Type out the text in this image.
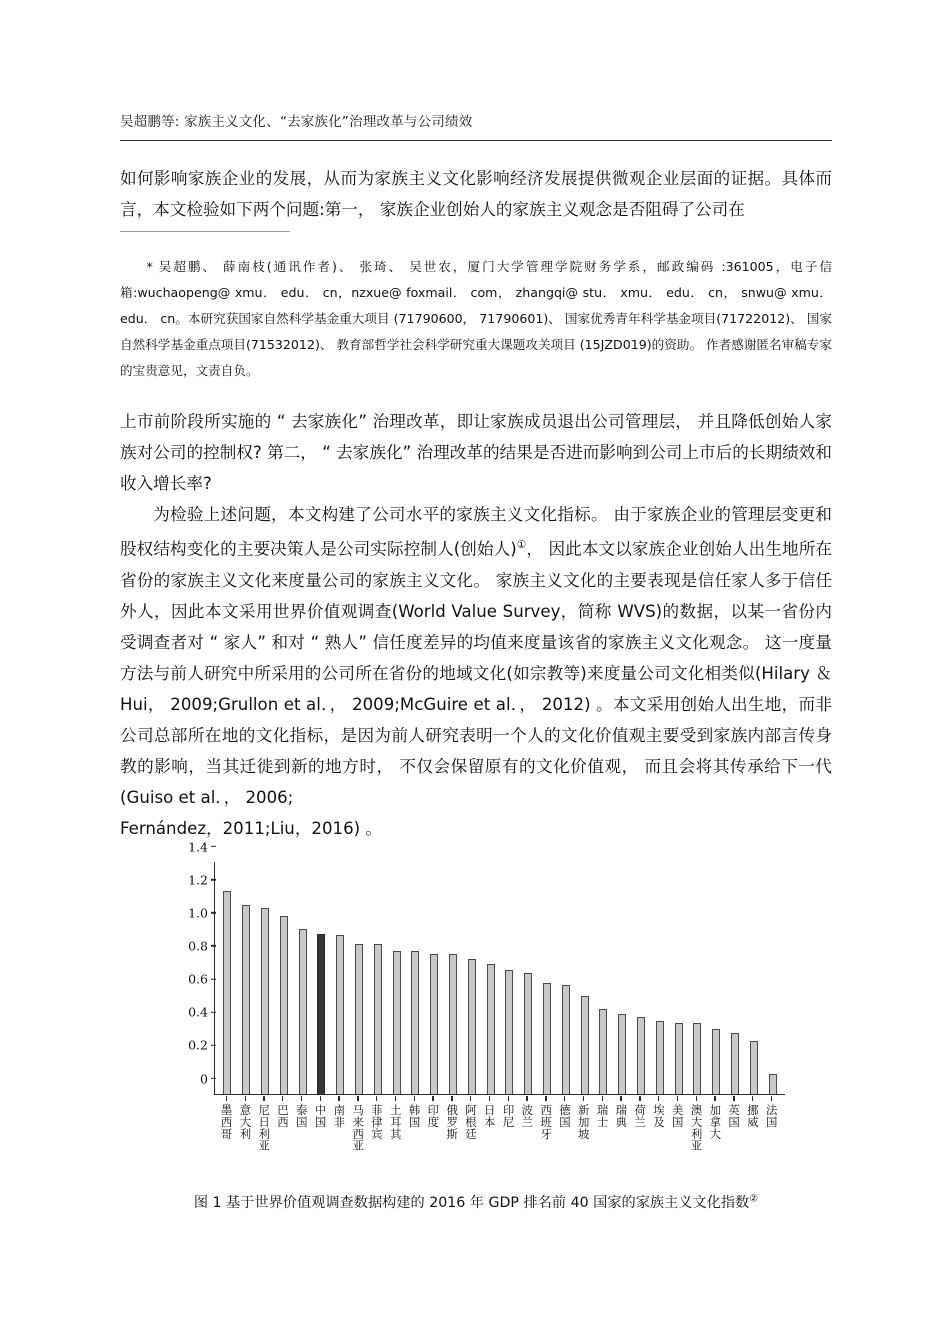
吴超鹏等: 家族主义文化、“去家族化”治理改革与公司绩效

如何影响家族企业的发展，从而为家族主义文化影响经济发展提供微观企业层面的证据。具体而言，本文检验如下两个问题:第一， 家族企业创始人的家族主义观念是否阻碍了公司在

* 吴超鹏、 薛南枝(通讯作者)、 张琦、 吴世农，厦门大学管理学院财务学系，邮政编码 :361005，电子信箱:wuchaopeng@ xmu． edu． cn，nzxue@ foxmail． com， zhangqi@ stu． xmu． edu． cn， snwu@ xmu． edu． cn。本研究获国家自然科学基金重大项目 (71790600， 71790601)、 国家优秀青年科学基金项目(71722012)、 国家自然科学基金重点项目(71532012)、 教育部哲学社会科学研究重大课题攻关项目 (15JZD019)的资助。 作者感谢匿名审稿专家的宝贵意见，文责自负。

上市前阶段所实施的 “ 去家族化” 治理改革，即让家族成员退出公司管理层， 并且降低创始人家族对公司的控制权? 第二， “ 去家族化” 治理改革的结果是否进而影响到公司上市后的长期绩效和收入增长率?

为检验上述问题，本文构建了公司水平的家族主义文化指标。 由于家族企业的管理层变更和股权结构变化的主要决策人是公司实际控制人(创始人)①， 因此本文以家族企业创始人出生地所在省份的家族主义文化来度量公司的家族主义文化。 家族主义文化的主要表现是信任家人多于信任外人，因此本文采用世界价值观调查(World Value Survey，简称 WVS)的数据，以某一省份内受调查者对 “ 家人” 和对 “ 熟人” 信任度差异的均值来度量该省的家族主义文化观念。 这一度量方法与前人研究中所采用的公司所在省份的地域文化(如宗教等)来度量公司文化相类似(Hilary ＆ Hui， 2009;Grullon et al．， 2009;McGuire et al．， 2012) 。本文采用创始人出生地，而非公司总部所在地的文化指标，是因为前人研究表明一个人的文化价值观主要受到家族内部言传身教的影响，当其迁徙到新的地方时， 不仅会保留原有的文化价值观， 而且会将其传承给下一代 (Guiso et al．， 2006;

Fernández，2011;Liu，2016) 。

0
0.2
0.4
0.6
0.8
1.0
1.2
1.4
墨西哥 意大利 尼日利亚 巴西 泰国 中国 南非 马来西亚 菲律宾 土耳其 韩国 印度 俄罗斯 阿根廷 日本 印尼 波兰 西班牙 德国 新加坡 瑞士 瑞典 荷兰 埃及 美国 澳大利亚 加拿大 英国 挪威 法国
图 1 基于世界价值观调查数据构建的 2016 年 GDP 排名前 40 国家的家族主义文化指数②
